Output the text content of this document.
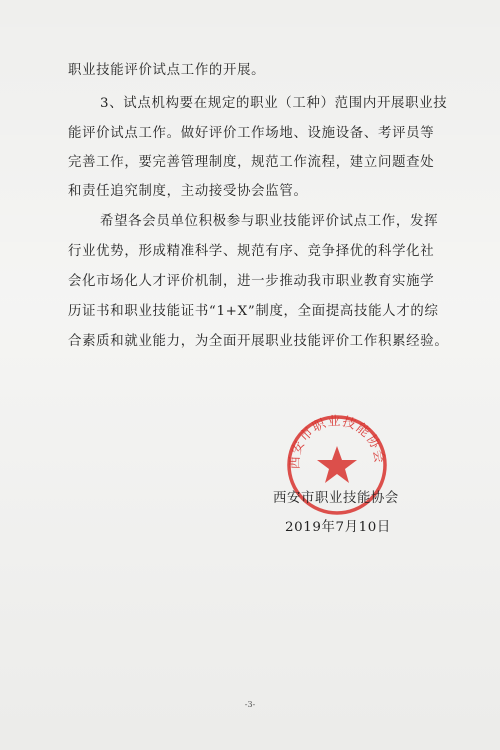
职业技能评价试点工作的开展。
3、试点机构要在规定的职业（工种）范围内开展职业技
能评价试点工作。做好评价工作场地、设施设备、考评员等
完善工作，要完善管理制度，规范工作流程，建立问题查处
和责任追究制度，主动接受协会监管。
希望各会员单位积极参与职业技能评价试点工作，发挥
行业优势，形成精准科学、规范有序、竞争择优的科学化社
会化市场化人才评价机制，进一步推动我市职业教育实施学
历证书和职业技能证书“1+X”制度，全面提高技能人才的综
合素质和就业能力，为全面开展职业技能评价工作积累经验。
西安市职业技能协会
西安市职业技能协会
2019年7月10日
-3-
